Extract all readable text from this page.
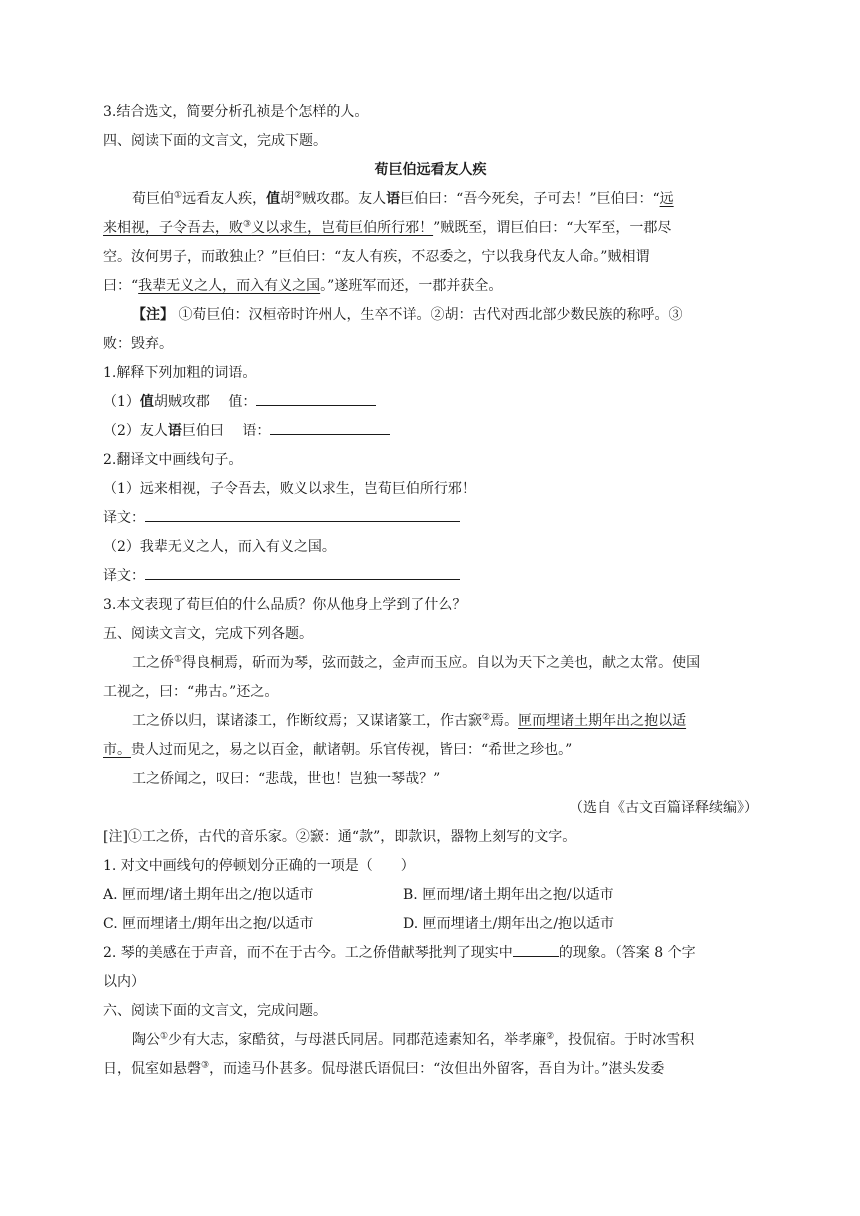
3.结合选文，简要分析孔祯是个怎样的人。
四、阅读下面的文言文，完成下题。
荀巨伯远看友人疾
荀巨伯①远看友人疾，值胡②贼攻郡。友人语巨伯曰：“吾今死矣，子可去！”巨伯曰：“远
来相视，子令吾去，败③义以求生，岂荀巨伯所行邪！”贼既至，谓巨伯曰：“大军至，一郡尽
空。汝何男子，而敢独止？”巨伯曰：“友人有疾，不忍委之，宁以我身代友人命。”贼相谓
曰：“我辈无义之人，而入有义之国。”遂班军而还，一郡并获全。
【注】 ①荀巨伯：汉桓帝时许州人，生卒不详。②胡：古代对西北部少数民族的称呼。③
败：毁弃。
1.解释下列加粗的词语。
（1）值胡贼攻郡　 值：
（2）友人语巨伯曰　 语：
2.翻译文中画线句子。
（1）远来相视，子令吾去，败义以求生，岂荀巨伯所行邪！
译文：
（2）我辈无义之人，而入有义之国。
译文：
3.本文表现了荀巨伯的什么品质？你从他身上学到了什么？
五、阅读文言文，完成下列各题。
工之侨①得良桐焉，斫而为琴，弦而鼓之，金声而玉应。自以为天下之美也，献之太常。使国
工视之，曰：“弗古。”还之。
工之侨以归，谋诸漆工，作断纹焉；又谋诸篆工，作古窾②焉。匣而埋诸土期年出之抱以适
市。贵人过而见之，易之以百金，献诸朝。乐官传视，皆曰：“希世之珍也。”
工之侨闻之，叹曰：“悲哉，世也！岂独一琴哉？”
（选自《古文百篇译释续编》）
[注]①工之侨，古代的音乐家。②窾：通“款”，即款识，器物上刻写的文字。
1. 对文中画线句的停顿划分正确的一项是（　　）
A. 匣而埋/诸土期年出之/抱以适市	B. 匣而埋/诸土期年出之抱/以适市
C. 匣而埋诸土/期年出之抱/以适市	D. 匣而埋诸土/期年出之/抱以适市
2. 琴的美感在于声音，而不在于古今。工之侨借献琴批判了现实中	的现象。（答案 8 个字
以内）
六、阅读下面的文言文，完成问题。
陶公①少有大志，家酷贫，与母湛氏同居。同郡范逵素知名，举孝廉②，投侃宿。于时冰雪积
日，侃室如悬磬③，而逵马仆甚多。侃母湛氏语侃曰：“汝但出外留客，吾自为计。”湛头发委
